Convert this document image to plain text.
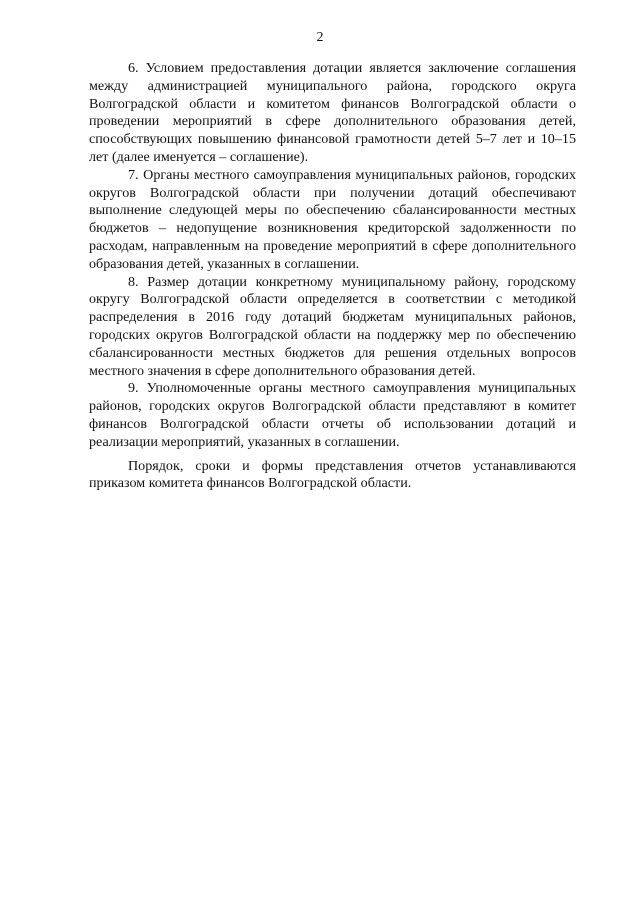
2

6. Условием предоставления дотации является заключение соглашения между администрацией муниципального района, городского округа Волгоградской области и комитетом финансов Волгоградской области о проведении мероприятий в сфере дополнительного образования детей, способствующих повышению финансовой грамотности детей 5–7 лет и 10–15 лет (далее именуется – соглашение).

7. Органы местного самоуправления муниципальных районов, городских округов Волгоградской области при получении дотаций обеспечивают выполнение следующей меры по обеспечению сбалансированности местных бюджетов – недопущение возникновения кредиторской задолженности по расходам, направленным на проведение мероприятий в сфере дополнительного образования детей, указанных в соглашении.

8. Размер дотации конкретному муниципальному району, городскому округу Волгоградской области определяется в соответствии с методикой распределения в 2016 году дотаций бюджетам муниципальных районов, городских округов Волгоградской области на поддержку мер по обеспечению сбалансированности местных бюджетов для решения отдельных вопросов местного значения в сфере дополнительного образования детей.

9. Уполномоченные органы местного самоуправления муниципальных районов, городских округов Волгоградской области представляют в комитет финансов Волгоградской области отчеты об использовании дотаций и реализации мероприятий, указанных в соглашении.

Порядок, сроки и формы представления отчетов устанавливаются приказом комитета финансов Волгоградской области.
